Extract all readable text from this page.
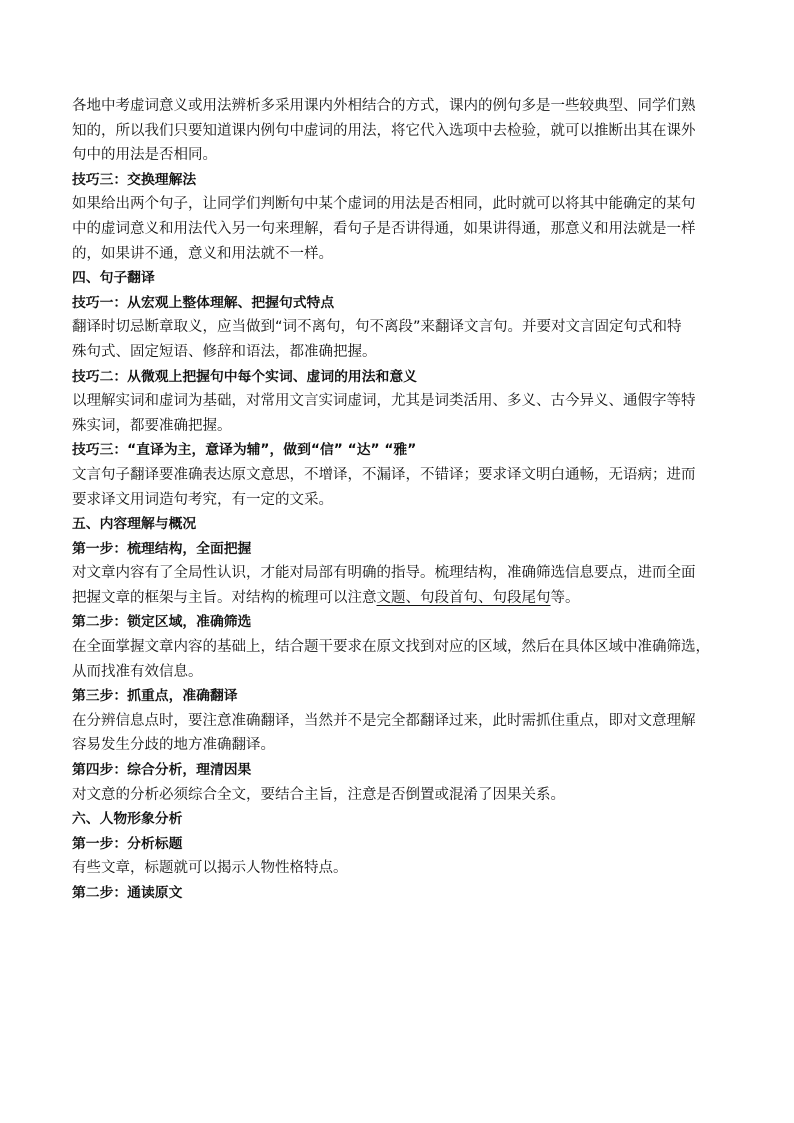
各地中考虚词意义或用法辨析多采用课内外相结合的方式，课内的例句多是一些较典型、同学们熟

知的，所以我们只要知道课内例句中虚词的用法，将它代入选项中去检验，就可以推断出其在课外

句中的用法是否相同。

技巧三：交换理解法

如果给出两个句子，让同学们判断句中某个虚词的用法是否相同，此时就可以将其中能确定的某句

中的虚词意义和用法代入另一句来理解，看句子是否讲得通，如果讲得通，那意义和用法就是一样

的，如果讲不通，意义和用法就不一样。

四、句子翻译

技巧一：从宏观上整体理解、把握句式特点

翻译时切忌断章取义，应当做到“词不离句，句不离段”来翻译文言句。并要对文言固定句式和特

殊句式、固定短语、修辞和语法，都准确把握。

技巧二：从微观上把握句中每个实词、虚词的用法和意义

以理解实词和虚词为基础，对常用文言实词虚词，尤其是词类活用、多义、古今异义、通假字等特

殊实词，都要准确把握。

技巧三：“直译为主，意译为辅”，做到“信” “达” “雅”

文言句子翻译要准确表达原文意思，不增译，不漏译，不错译；要求译文明白通畅，无语病；进而

要求译文用词造句考究，有一定的文采。

五、内容理解与概况

第一步：梳理结构，全面把握

对文章内容有了全局性认识，才能对局部有明确的指导。梳理结构，准确筛选信息要点，进而全面

把握文章的框架与主旨。对结构的梳理可以注意文题、句段首句、句段尾句等。

第二步：锁定区域，准确筛选

在全面掌握文章内容的基础上，结合题干要求在原文找到对应的区域，然后在具体区域中准确筛选，

从而找准有效信息。

第三步：抓重点，准确翻译

在分辨信息点时，要注意准确翻译，当然并不是完全都翻译过来，此时需抓住重点，即对文意理解

容易发生分歧的地方准确翻译。

第四步：综合分析，理清因果

对文意的分析必须综合全文，要结合主旨，注意是否倒置或混淆了因果关系。

六、人物形象分析

第一步：分析标题

有些文章，标题就可以揭示人物性格特点。

第二步：通读原文
